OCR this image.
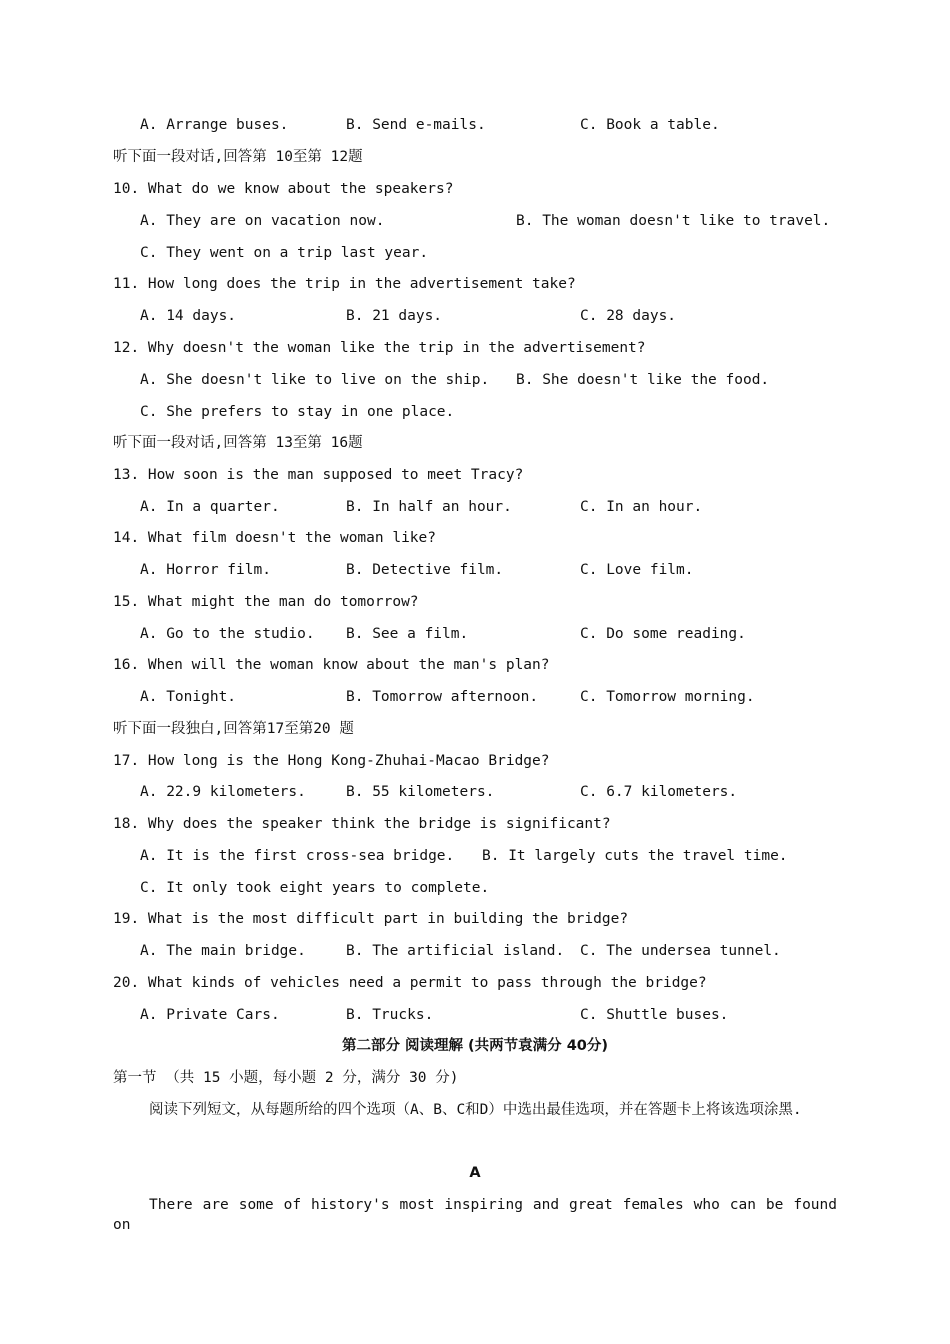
A. Arrange buses.

	B. Send e-mails.

	C. Book a table.

听下面一段对话,回答第 10至第 12题
10. What do we know about the speakers?

A. They are on vacation now.

	B. The woman doesn't like to travel.

C. They went on a trip last year.

11. How long does the trip in the advertisement take?

A. 14 days.

	B. 21 days.

	C. 28 days.

12. Why doesn't the woman like the trip in the advertisement?

A. She doesn't like to live on the ship.

B. She doesn't like the food.

C. She prefers to stay in one place.

听下面一段对话,回答第 13至第 16题
13. How soon is the man supposed to meet Tracy?

A. In a quarter.

	B. In half an hour.

	C. In an hour.

14. What film doesn't the woman like?

A. Horror film.

	B. Detective film.

	C. Love film.

15. What might the man do tomorrow?

A. Go to the studio.

B. See a film.

	C. Do some reading.

16. When will the woman know about the man's plan?

A. Tonight.

	B. Tomorrow afternoon.

	C. Tomorrow morning.

听下面一段独白,回答第17至第20 题
17. How long is the Hong Kong-Zhuhai-Macao Bridge?

A. 22.9 kilometers.

	B. 55 kilometers.

	C. 6.7 kilometers.

18. Why does the speaker think the bridge is significant?

A. It is the first cross-sea bridge.

B. It largely cuts the travel time.

C. It only took eight years to complete.

19. What is the most difficult part in building the bridge?

A. The main bridge.

	B. The artificial island.

C. The undersea tunnel.

20. What kinds of vehicles need a permit to pass through the bridge?

A. Private Cars.

	B. Trucks.

	C. Shuttle buses.

第二部分 阅读理解 (共两节袁满分 40分)
第一节 （共 15 小题，每小题 2 分，满分 30 分)
阅读下列短文，从每题所给的四个选项（A、B、C和D）中选出最佳选项，并在答题卡上将该选项涂黑.
A
There are some of history's most inspiring and great females who can be found on
